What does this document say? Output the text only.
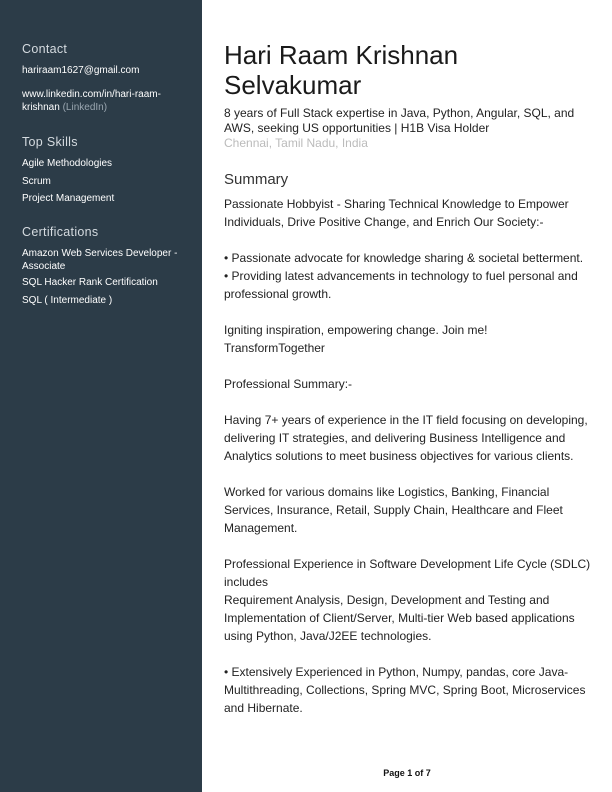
Contact
hariraam1627@gmail.com
www.linkedin.com/in/hari-raam-krishnan (LinkedIn)
Top Skills
Agile Methodologies
Scrum
Project Management
Certifications
Amazon Web Services Developer - Associate
SQL Hacker Rank Certification
SQL ( Intermediate )
Hari Raam Krishnan Selvakumar
8 years of Full Stack expertise in Java, Python, Angular, SQL, and AWS, seeking US opportunities | H1B Visa Holder
Chennai, Tamil Nadu, India
Summary
Passionate Hobbyist - Sharing Technical Knowledge to Empower
Individuals, Drive Positive Change, and Enrich Our Society:-
• Passionate advocate for knowledge sharing & societal betterment.
• Providing latest advancements in technology to fuel personal and
professional growth.
Igniting inspiration, empowering change. Join me!
TransformTogether
Professional Summary:-
Having 7+ years of experience in the IT field focusing on developing,
delivering IT strategies, and delivering Business Intelligence and
Analytics solutions to meet business objectives for various clients.
Worked for various domains like Logistics, Banking, Financial
Services, Insurance, Retail, Supply Chain, Healthcare and Fleet
Management.
Professional Experience in Software Development Life Cycle (SDLC)
includes
Requirement Analysis, Design, Development and Testing and
Implementation of Client/Server, Multi-tier Web based applications
using Python, Java/J2EE technologies.
• Extensively Experienced in Python, Numpy, pandas, core Java-
Multithreading, Collections, Spring MVC, Spring Boot, Microservices
and Hibernate.
Page 1 of 7
